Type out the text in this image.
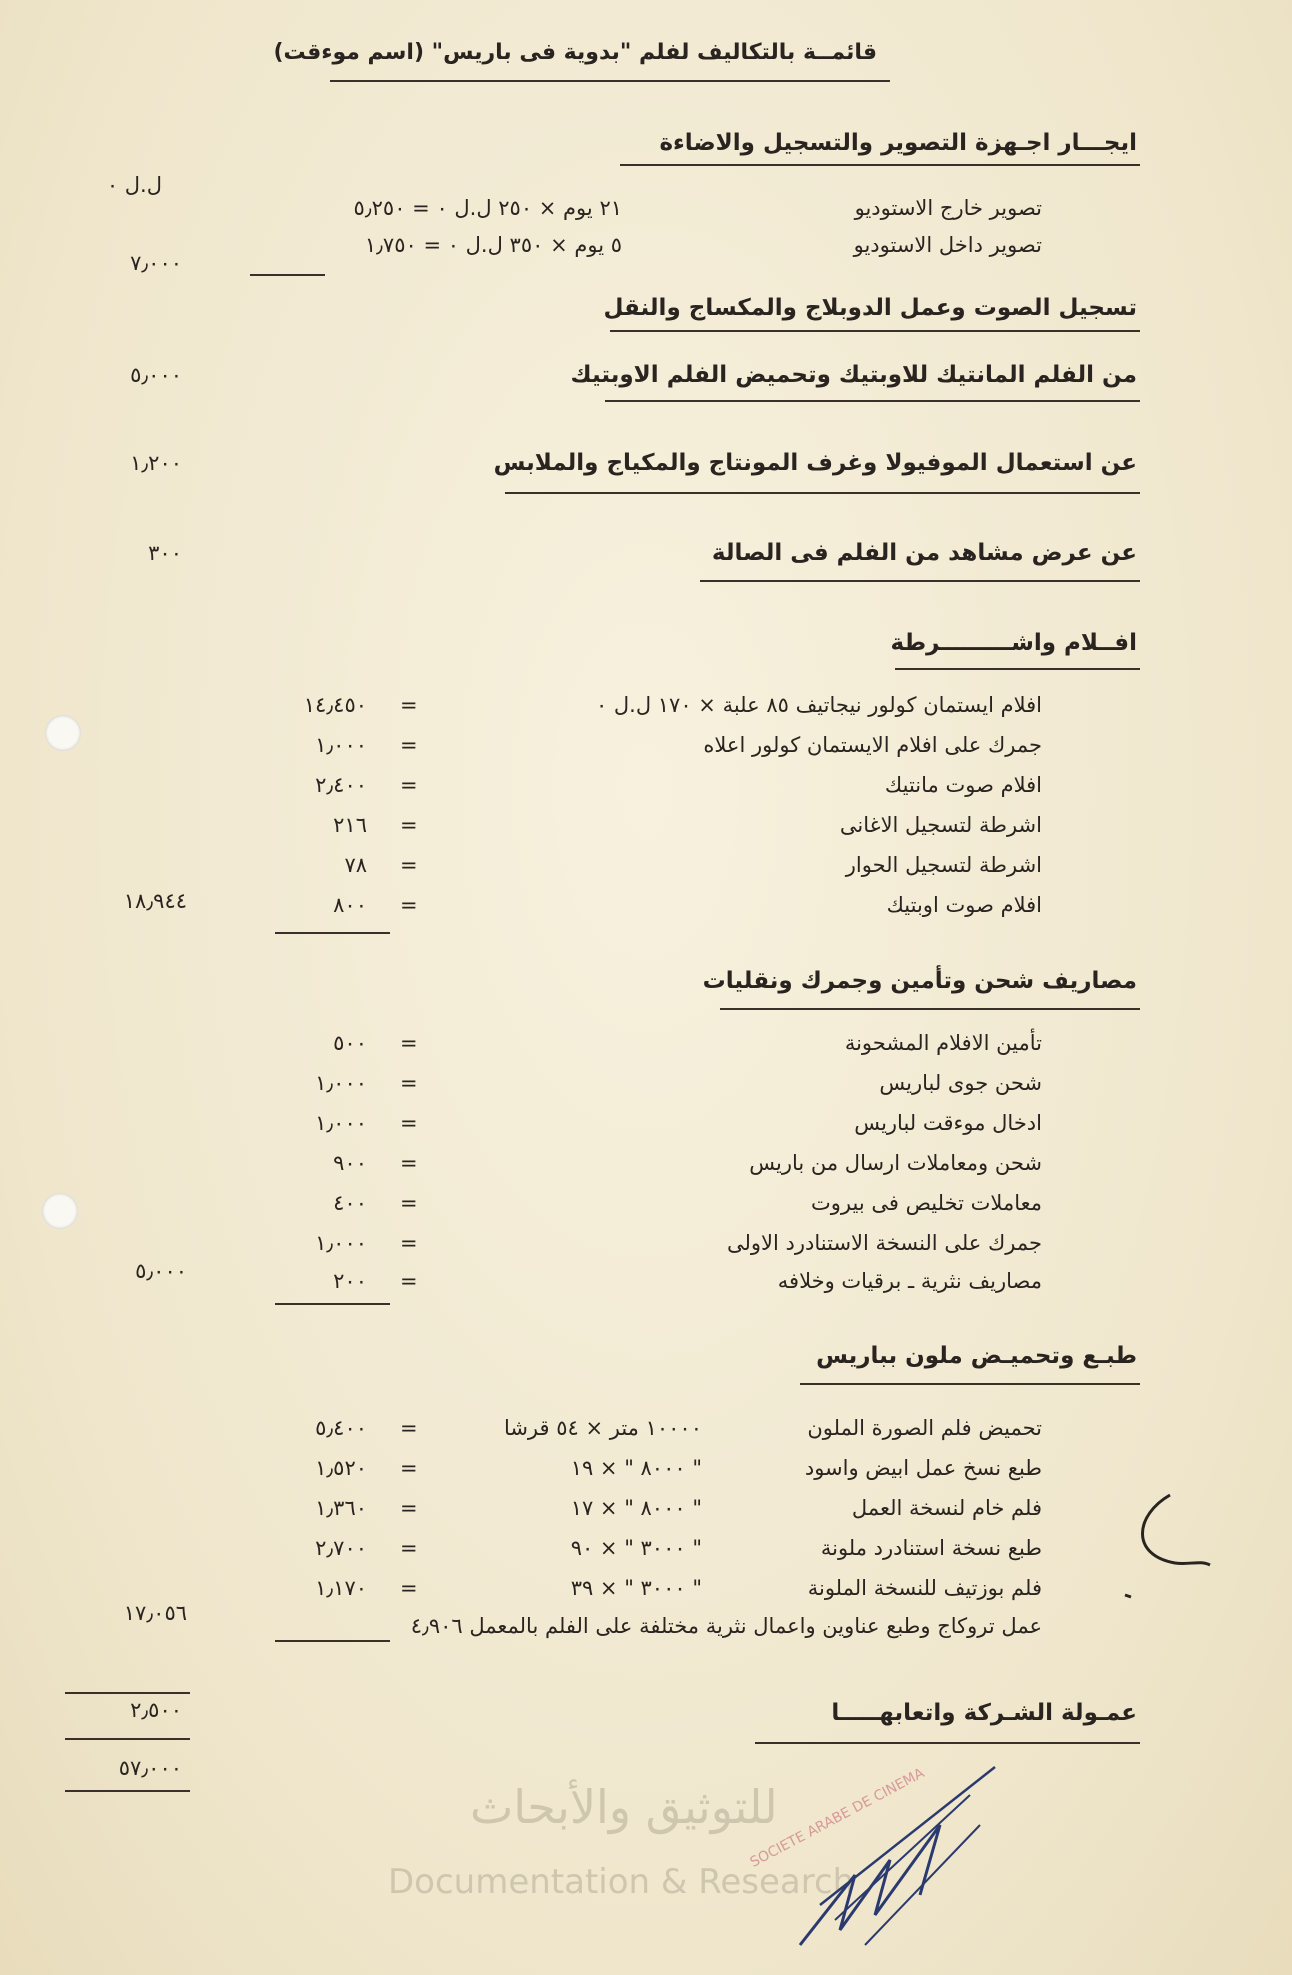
قائمــة بالتكاليف لفلم "بدوية فى باريس" (اسم موءقت)
ايجـــار اجـهزة التصوير والتسجيل والاضاءة
ل.ل ٠
تصوير خارج الاستوديو
٢١ يوم × ٢٥٠ ل.ل ٠ = ٥٫٢٥٠
تصوير داخل الاستوديو
٥ يوم × ٣٥٠ ل.ل ٠ = ١٫٧٥٠
٧٫٠٠٠
تسجيل الصوت وعمل الدوبلاج والمكساج والنقل
من الفلم المانتيك للاوبتيك وتحميض الفلم الاوبتيك
٥٫٠٠٠
عن استعمال الموفيولا وغرف المونتاج والمكياج والملابس
١٫٢٠٠
عن عرض مشاهد من الفلم فى الصالة
٣٠٠
افــلام واشـــــــــرطة
١٨٫٩٤٤
مصاريف شحن وتأمين وجمرك ونقليات
٥٫٠٠٠
طبـع وتحميـض ملون بباريس
عمل تروكاج وطبع عناوين واعمال نثرية مختلفة على الفلم بالمعمل ٤٫٩٠٦
١٧٫٠٥٦
عمـولة الشـركة واتعابهـــــا
٢٫٥٠٠
٥٧٫٠٠٠
للتوثيق والأبحاث
Documentation & Research
SOCIETE ARABE DE CINEMA
افلام ايستمان كولور نيجاتيف ٨٥ علبة × ١٧٠ ل.ل ٠
=
١٤٫٤٥٠
جمرك على افلام الايستمان كولور اعلاه
=
١٫٠٠٠
افلام صوت مانتيك
=
٢٫٤٠٠
اشرطة لتسجيل الاغانى
=
٢١٦
اشرطة لتسجيل الحوار
=
٧٨
افلام صوت اوبتيك
=
٨٠٠
تأمين الافلام المشحونة
=
٥٠٠
شحن جوى لباريس
=
١٫٠٠٠
ادخال موءقت لباريس
=
١٫٠٠٠
شحن ومعاملات ارسال من باريس
=
٩٠٠
معاملات تخليص فى بيروت
=
٤٠٠
جمرك على النسخة الاستنادرد الاولى
=
١٫٠٠٠
مصاريف نثرية ـ برقيات وخلافه
=
٢٠٠
تحميض فلم الصورة الملون
١٠٠٠٠ متر × ٥٤ قرشا
=
٥٫٤٠٠
طبع نسخ عمل ابيض واسود
٨٠٠٠ " × ١٩ "
=
١٫٥٢٠
فلم خام لنسخة العمل
٨٠٠٠ " × ١٧ "
=
١٫٣٦٠
طبع نسخة استنادرد ملونة
٣٠٠٠ " × ٩٠ "
=
٢٫٧٠٠
فلم بوزتيف للنسخة الملونة
٣٠٠٠ " × ٣٩ "
=
١٫١٧٠
